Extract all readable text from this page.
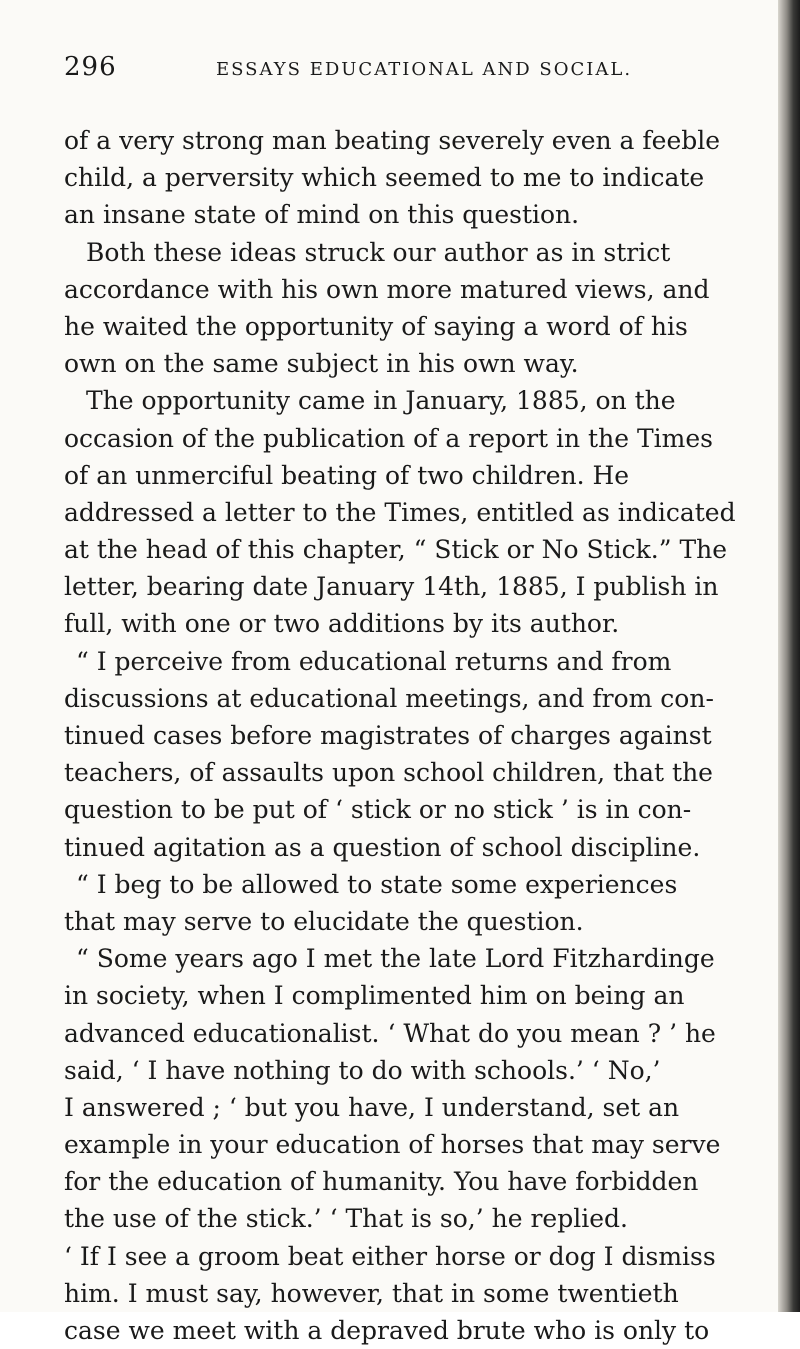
296	ESSAYS EDUCATIONAL AND SOCIAL.
of a very strong man beating severely even a feeble
child, a perversity which seemed to me to indicate
an insane state of mind on this question.
Both these ideas struck our author as in strict
accordance with his own more matured views, and
he waited the opportunity of saying a word of his
own on the same subject in his own way.
The opportunity came in January, 1885, on the
occasion of the publication of a report in the Times
of an unmerciful beating of two children. He
addressed a letter to the Times, entitled as indicated
at the head of this chapter, “ Stick or No Stick.” The
letter, bearing date January 14th, 1885, I publish in
full, with one or two additions by its author.
“ I perceive from educational returns and from
discussions at educational meetings, and from con-
tinued cases before magistrates of charges against
teachers, of assaults upon school children, that the
question to be put of ‘ stick or no stick ’ is in con-
tinued agitation as a question of school discipline.
“ I beg to be allowed to state some experiences
that may serve to elucidate the question.
“ Some years ago I met the late Lord Fitzhardinge
in society, when I complimented him on being an
advanced educationalist. ‘ What do you mean ? ’ he
said, ‘ I have nothing to do with schools.’ ‘ No,’
I answered ; ‘ but you have, I understand, set an
example in your education of horses that may serve
for the education of humanity. You have forbidden
the use of the stick.’ ‘ That is so,’ he replied.
‘ If I see a groom beat either horse or dog I dismiss
him. I must say, however, that in some twentieth
case we meet with a depraved brute who is only to
